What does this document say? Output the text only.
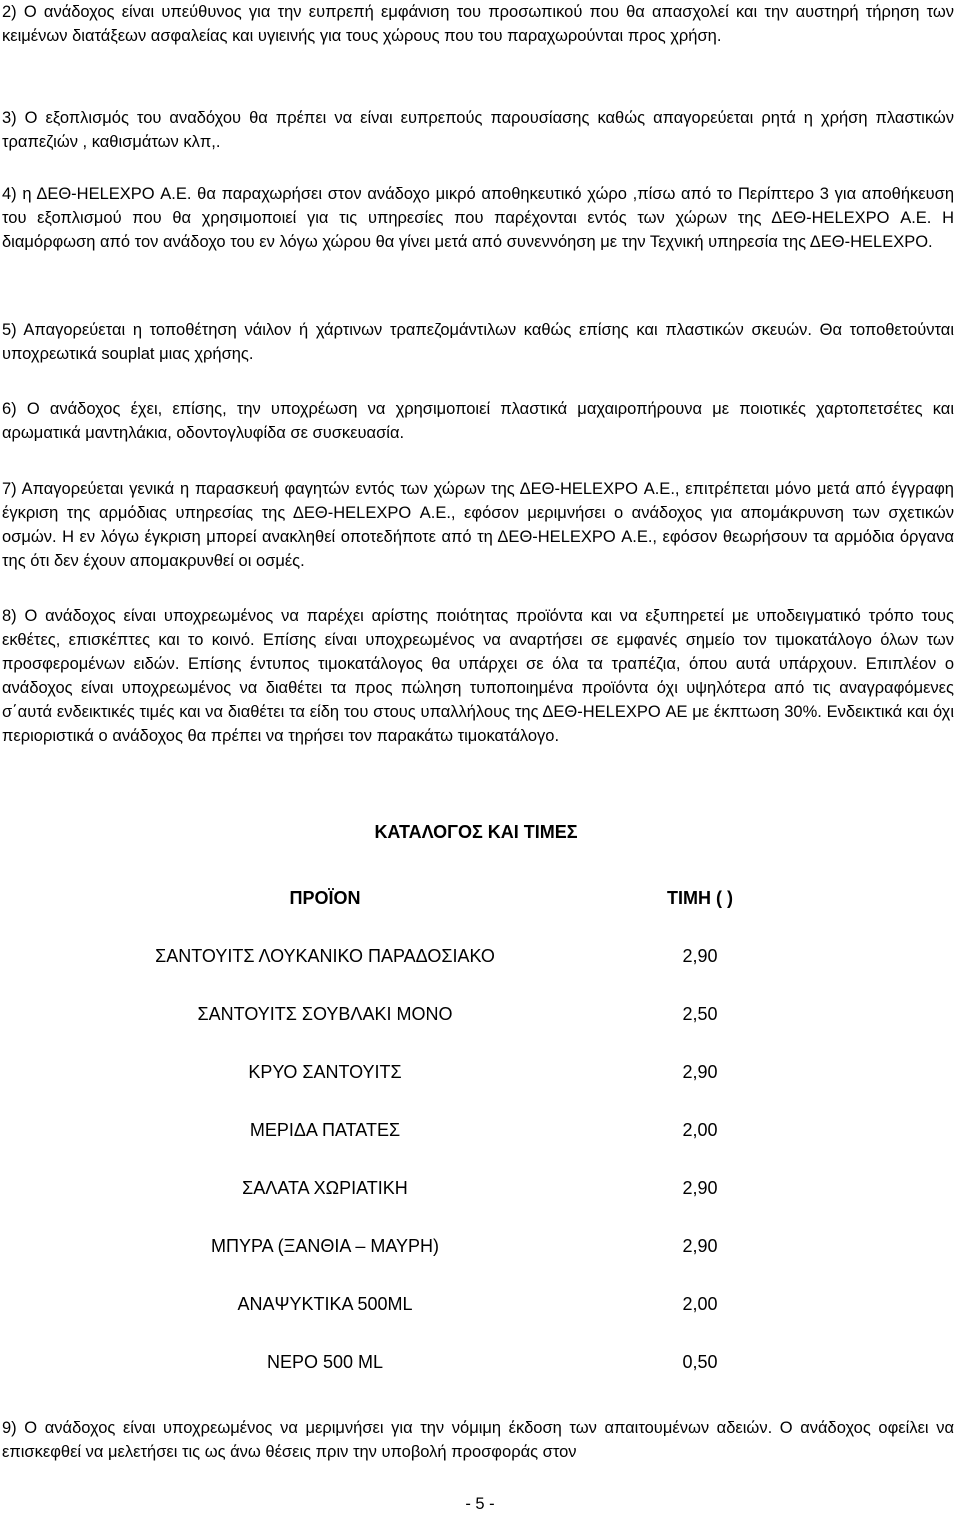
2) Ο ανάδοχος είναι υπεύθυνος για την ευπρεπή εμφάνιση του προσωπικού που θα απασχολεί και την αυστηρή τήρηση των κειμένων διατάξεων ασφαλείας και υγιεινής για τους χώρους που του παραχωρούνται προς χρήση.

3) Ο εξοπλισμός του αναδόχου θα πρέπει να είναι ευπρεπούς παρουσίασης καθώς απαγορεύεται ρητά η χρήση πλαστικών τραπεζιών , καθισμάτων κλπ,.

4) η ΔΕΘ-HELEXPO Α.Ε. θα παραχωρήσει στον ανάδοχο μικρό αποθηκευτικό χώρο ,πίσω από το Περίπτερο 3 για αποθήκευση του εξοπλισμού που θα χρησιμοποιεί για τις υπηρεσίες που παρέχονται εντός των χώρων της ΔΕΘ-HELEXPO Α.Ε. Η διαμόρφωση από τον ανάδοχο του εν λόγω χώρου θα γίνει μετά από συνεννόηση με την Τεχνική υπηρεσία της ΔΕΘ-HELEXPO.

5) Απαγορεύεται η τοποθέτηση νάιλον ή χάρτινων τραπεζομάντιλων καθώς επίσης και πλαστικών σκευών. Θα τοποθετούνται υποχρεωτικά souplat μιας χρήσης.

6) Ο ανάδοχος έχει, επίσης, την υποχρέωση να χρησιμοποιεί πλαστικά μαχαιροπήρουνα με ποιοτικές χαρτοπετσέτες και αρωματικά μαντηλάκια, οδοντογλυφίδα σε συσκευασία.

7) Απαγορεύεται γενικά η παρασκευή φαγητών εντός των χώρων της ΔΕΘ-HELEXPO Α.Ε., επιτρέπεται μόνο μετά από έγγραφη έγκριση της αρμόδιας υπηρεσίας της ΔΕΘ-HELEXPO Α.Ε., εφόσον μεριμνήσει ο ανάδοχος για απομάκρυνση των σχετικών οσμών. Η εν λόγω έγκριση μπορεί ανακληθεί οποτεδήποτε από τη ΔΕΘ-HELEXPO Α.Ε., εφόσον θεωρήσουν τα αρμόδια όργανα της ότι δεν έχουν απομακρυνθεί οι οσμές.

8) Ο ανάδοχος είναι υποχρεωμένος να παρέχει αρίστης ποιότητας προϊόντα και να εξυπηρετεί με υποδειγματικό τρόπο τους εκθέτες, επισκέπτες και το κοινό. Επίσης είναι υποχρεωμένος να αναρτήσει σε εμφανές σημείο τον τιμοκατάλογο όλων των προσφερομένων ειδών. Επίσης έντυπος τιμοκατάλογος θα υπάρχει σε όλα τα τραπέζια, όπου αυτά υπάρχουν. Επιπλέον ο ανάδοχος είναι υποχρεωμένος να διαθέτει τα προς πώληση τυποποιημένα προϊόντα όχι υψηλότερα από τις αναγραφόμενες σ΄αυτά ενδεικτικές τιμές και να διαθέτει τα είδη του στους υπαλλήλους της ΔΕΘ-HELEXPO ΑΕ με έκπτωση 30%. Ενδεικτικά και όχι περιοριστικά ο ανάδοχος θα πρέπει να τηρήσει τον παρακάτω τιμοκατάλογο.

ΚΑΤΑΛΟΓΟΣ ΚΑΙ ΤΙΜΕΣ
ΠΡΟΪΟΝ	ΤΙΜΗ ( )
ΣΑΝΤΟΥΙΤΣ ΛΟΥΚΑΝΙΚΟ ΠΑΡΑΔΟΣΙΑΚΟ	2,90
ΣΑΝΤΟΥΙΤΣ ΣΟΥΒΛΑΚΙ ΜΟΝΟ	2,50
ΚΡΥΟ ΣΑΝΤΟΥΙΤΣ	2,90
ΜΕΡΙΔΑ ΠΑΤΑΤΕΣ	2,00
ΣΑΛΑΤΑ ΧΩΡΙΑΤΙΚΗ	2,90
ΜΠΥΡΑ (ΞΑΝΘΙΑ – ΜΑΥΡΗ)	2,90
ΑΝΑΨΥΚΤΙΚΑ 500ML	2,00
ΝΕΡΟ 500 ML	0,50

9) Ο ανάδοχος είναι υποχρεωμένος να μεριμνήσει για την νόμιμη έκδοση των απαιτουμένων αδειών. Ο ανάδοχος οφείλει να επισκεφθεί να μελετήσει τις ως άνω θέσεις πριν την υποβολή προσφοράς στον

- 5 -
